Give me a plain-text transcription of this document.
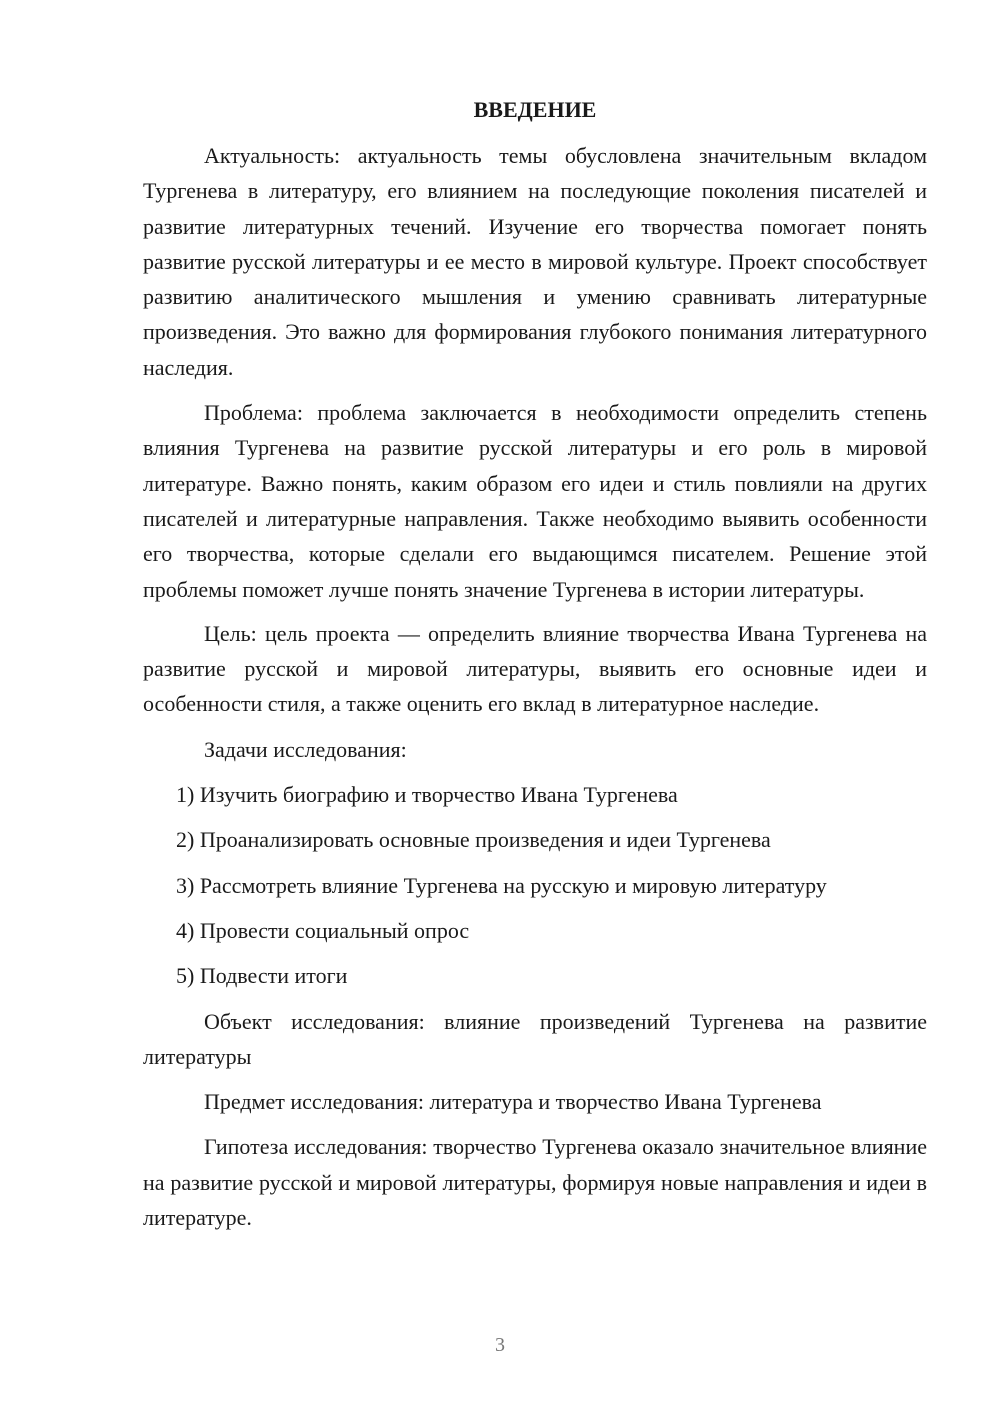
ВВЕДЕНИЕ

Актуальность: актуальность темы обусловлена значительным вкладом Тургенева в литературу, его влиянием на последующие поколения писателей и развитие литературных течений. Изучение его творчества помогает понять развитие русской литературы и ее место в мировой культуре. Проект способствует развитию аналитического мышления и умению сравнивать литературные произведения. Это важно для формирования глубокого понимания литературного наследия.

Проблема: проблема заключается в необходимости определить степень влияния Тургенева на развитие русской литературы и его роль в мировой литературе. Важно понять, каким образом его идеи и стиль повлияли на других писателей и литературные направления. Также необходимо выявить особенности его творчества, которые сделали его выдающимся писателем. Решение этой проблемы поможет лучше понять значение Тургенева в истории литературы.

Цель: цель проекта — определить влияние творчества Ивана Тургенева на развитие русской и мировой литературы, выявить его основные идеи и особенности стиля, а также оценить его вклад в литературное наследие.

Задачи исследования:

1) Изучить биографию и творчество Ивана Тургенева
2) Проанализировать основные произведения и идеи Тургенева
3) Рассмотреть влияние Тургенева на русскую и мировую литературу
4) Провести социальный опрос
5) Подвести итоги

Объект исследования: влияние произведений Тургенева на развитие литературы

Предмет исследования: литература и творчество Ивана Тургенева

Гипотеза исследования: творчество Тургенева оказало значительное влияние на развитие русской и мировой литературы, формируя новые направления и идеи в литературе.

3
